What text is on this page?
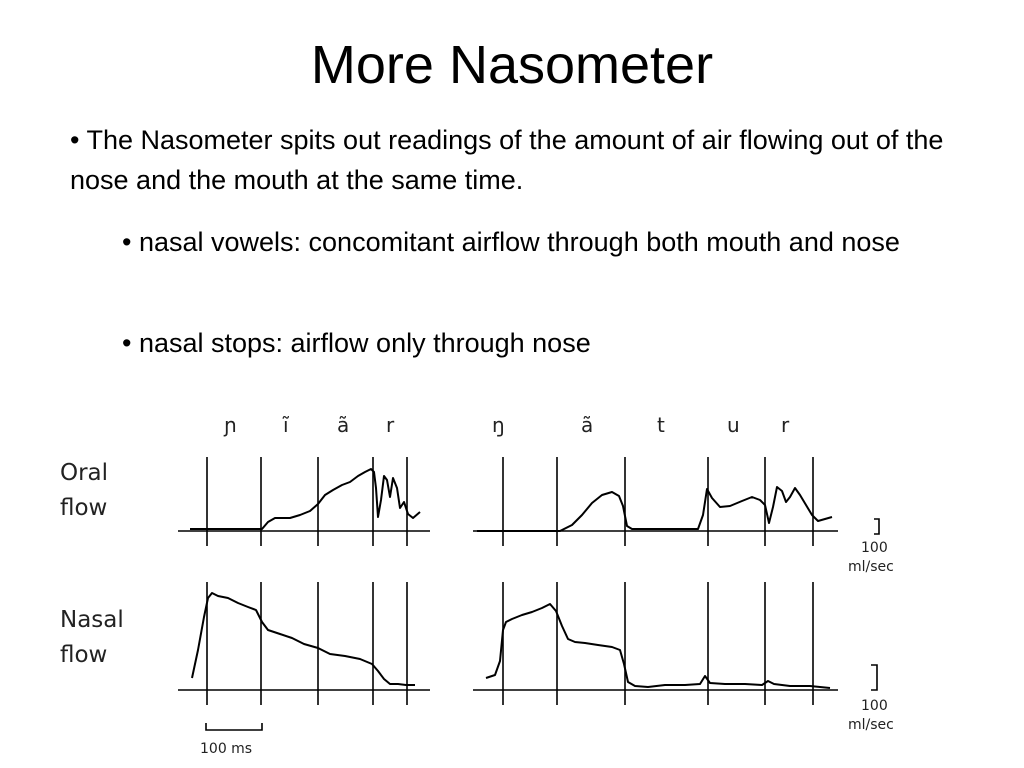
More Nasometer
• The Nasometer spits out readings of the amount of air flowing out of the nose and the mouth at the same time.
• nasal vowels: concomitant airflow through both mouth and nose
• nasal stops: airflow only through nose
Oral
flow
Nasal
flow
ɲ ĩ ã r	ŋ	ã	t	u r
100
ml/sec
100
ml/sec
100 ms
